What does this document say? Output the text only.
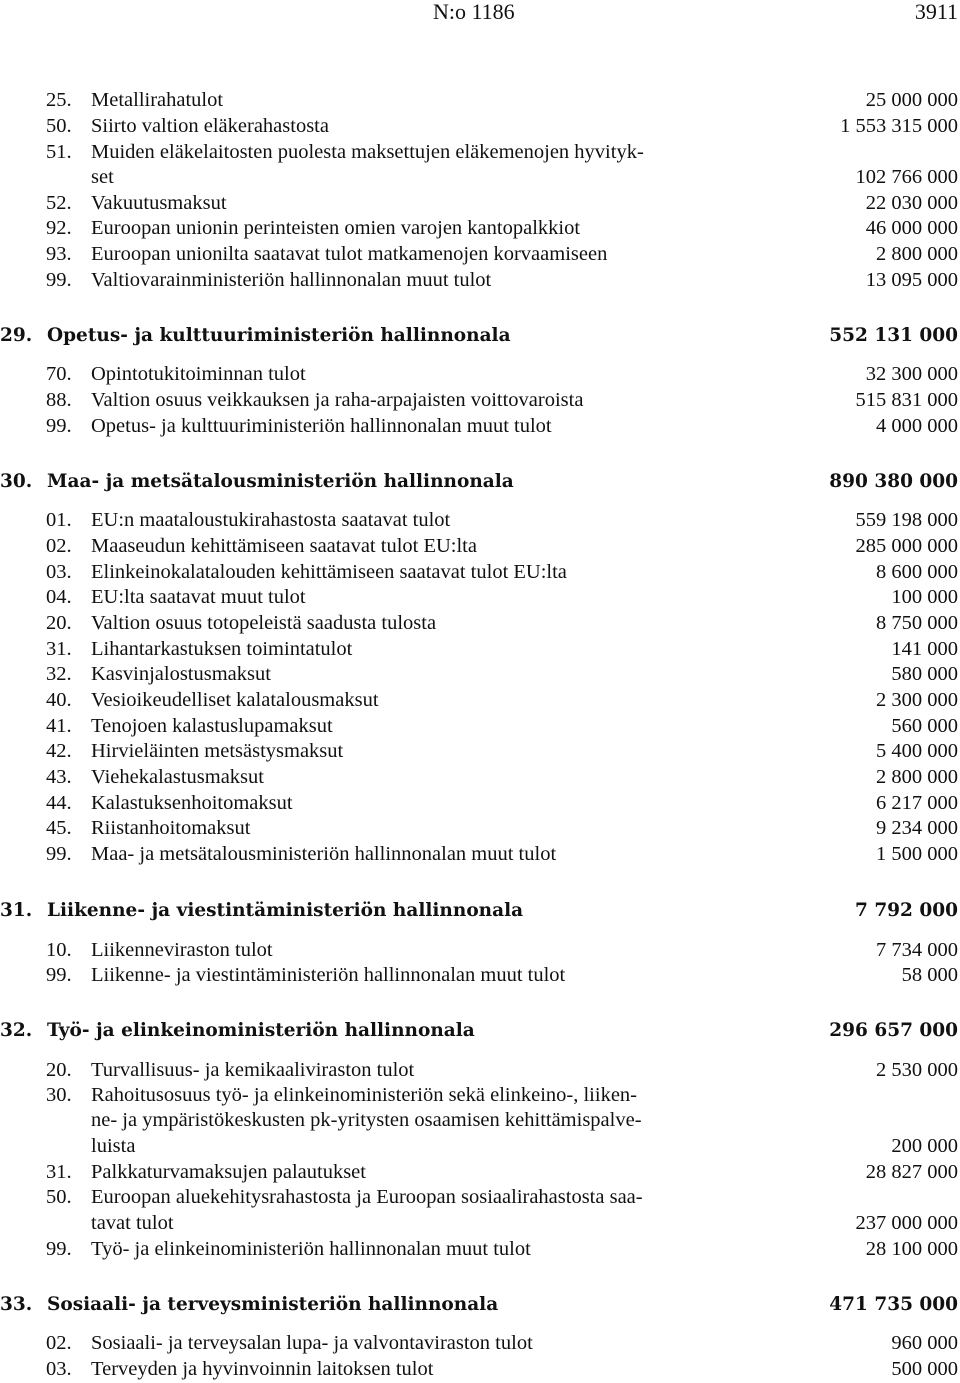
N:o 1186	3911
25. Metallirahatulot	25 000 000
50. Siirto valtion eläkerahastosta	1 553 315 000
51. Muiden eläkelaitosten puolesta maksettujen eläkemenojen hyvityk-
set	102 766 000
52. Vakuutusmaksut	22 030 000
92. Euroopan unionin perinteisten omien varojen kantopalkkiot	46 000 000
93. Euroopan unionilta saatavat tulot matkamenojen korvaamiseen	2 800 000
99. Valtiovarainministeriön hallinnonalan muut tulot	13 095 000
29. Opetus- ja kulttuuriministeriön hallinnonala	552 131 000
70. Opintotukitoiminnan tulot	32 300 000
88. Valtion osuus veikkauksen ja raha-arpajaisten voittovaroista	515 831 000
99. Opetus- ja kulttuuriministeriön hallinnonalan muut tulot	4 000 000
30. Maa- ja metsätalousministeriön hallinnonala	890 380 000
01. EU:n maataloustukirahastosta saatavat tulot	559 198 000
02. Maaseudun kehittämiseen saatavat tulot EU:lta	285 000 000
03. Elinkeinokalatalouden kehittämiseen saatavat tulot EU:lta	8 600 000
04. EU:lta saatavat muut tulot	100 000
20. Valtion osuus totopeleistä saadusta tulosta	8 750 000
31. Lihantarkastuksen toimintatulot	141 000
32. Kasvinjalostusmaksut	580 000
40. Vesioikeudelliset kalatalousmaksut	2 300 000
41. Tenojoen kalastuslupamaksut	560 000
42. Hirvieläinten metsästysmaksut	5 400 000
43. Viehekalastusmaksut	2 800 000
44. Kalastuksenhoitomaksut	6 217 000
45. Riistanhoitomaksut	9 234 000
99. Maa- ja metsätalousministeriön hallinnonalan muut tulot	1 500 000
31. Liikenne- ja viestintäministeriön hallinnonala	7 792 000
10. Liikenneviraston tulot	7 734 000
99. Liikenne- ja viestintäministeriön hallinnonalan muut tulot	58 000
32. Työ- ja elinkeinoministeriön hallinnonala	296 657 000
20. Turvallisuus- ja kemikaaliviraston tulot	2 530 000
30. Rahoitusosuus työ- ja elinkeinoministeriön sekä elinkeino-, liiken-
ne- ja ympäristökeskusten pk-yritysten osaamisen kehittämispalve-
luista	200 000
31. Palkkaturvamaksujen palautukset	28 827 000
50. Euroopan aluekehitysrahastosta ja Euroopan sosiaalirahastosta saa-
tavat tulot	237 000 000
99. Työ- ja elinkeinoministeriön hallinnonalan muut tulot	28 100 000
33. Sosiaali- ja terveysministeriön hallinnonala	471 735 000
02. Sosiaali- ja terveysalan lupa- ja valvontaviraston tulot	960 000
03. Terveyden ja hyvinvoinnin laitoksen tulot	500 000
